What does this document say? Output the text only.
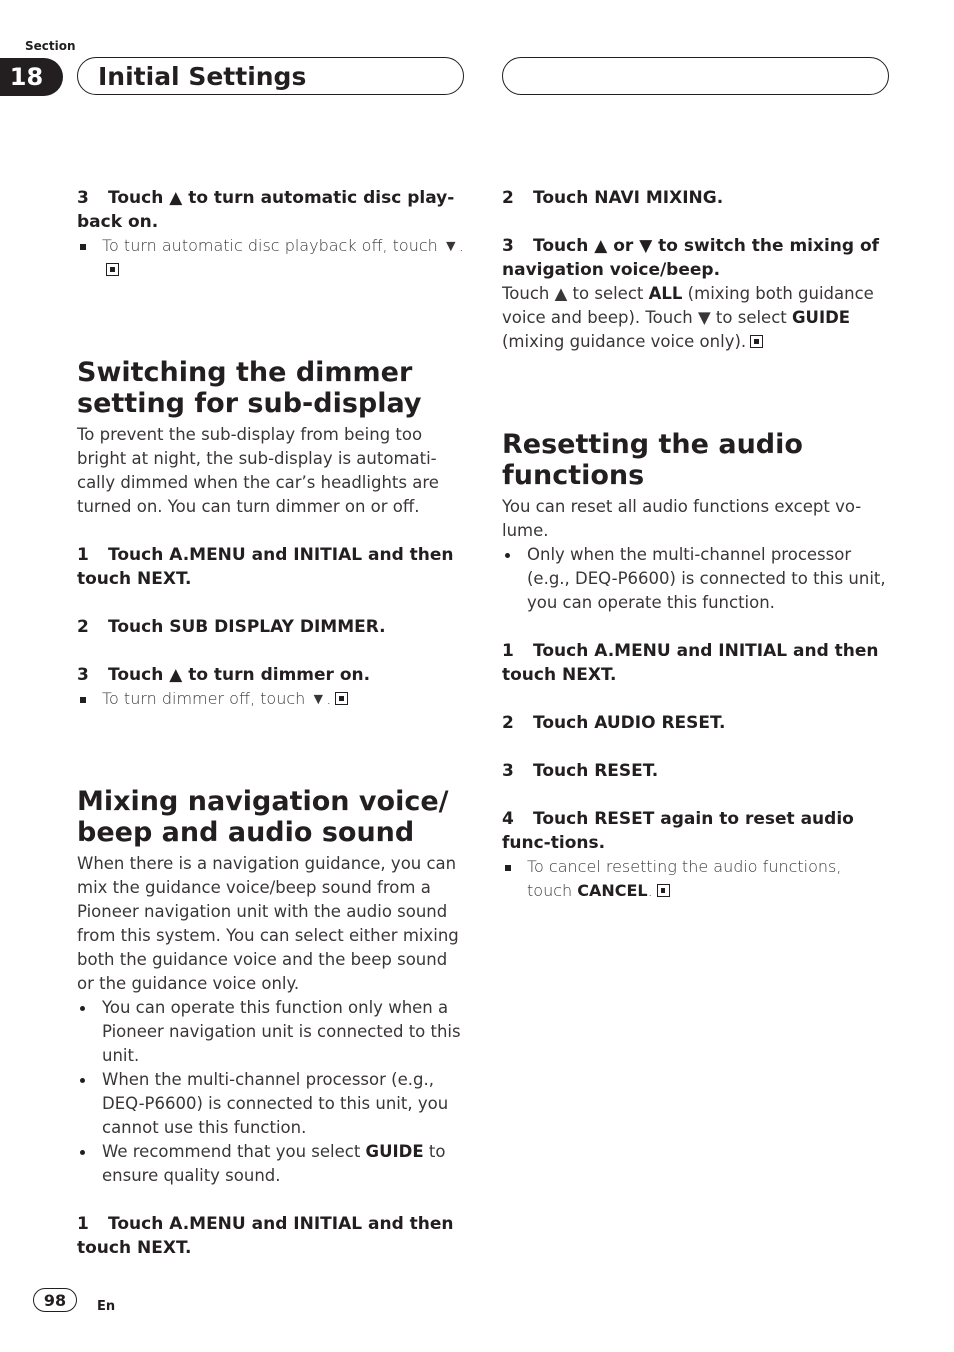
Section
18	Initial Settings

3 Touch ▲ to turn automatic disc play-back on.

To turn automatic disc playback off, touch ▼.

Switching the dimmer setting for sub-display

To prevent the sub-display from being too bright at night, the sub-display is automati-cally dimmed when the car’s headlights are turned on. You can turn dimmer on or off.

1 Touch A.MENU and INITIAL and then touch NEXT.

2 Touch SUB DISPLAY DIMMER.

3 Touch ▲ to turn dimmer on.

To turn dimmer off, touch ▼.

Mixing navigation voice/ beep and audio sound

When there is a navigation guidance, you can mix the guidance voice/beep sound from a Pioneer navigation unit with the audio sound from this system. You can select either mixing both the guidance voice and the beep sound or the guidance voice only.

You can operate this function only when a Pioneer navigation unit is connected to this unit.

When the multi-channel processor (e.g., DEQ-P6600) is connected to this unit, you cannot use this function.

We recommend that you select GUIDE to ensure quality sound.

1 Touch A.MENU and INITIAL and then touch NEXT.

2 Touch NAVI MIXING.

3 Touch ▲ or ▼ to switch the mixing of navigation voice/beep.

Touch ▲ to select ALL (mixing both guidance voice and beep). Touch ▼ to select GUIDE (mixing guidance voice only).

Resetting the audio functions

You can reset all audio functions except vo-lume.

Only when the multi-channel processor (e.g., DEQ-P6600) is connected to this unit, you can operate this function.

1 Touch A.MENU and INITIAL and then touch NEXT.

2 Touch AUDIO RESET.

3 Touch RESET.

4 Touch RESET again to reset audio func-tions.

To cancel resetting the audio functions, touch CANCEL.

98	En
